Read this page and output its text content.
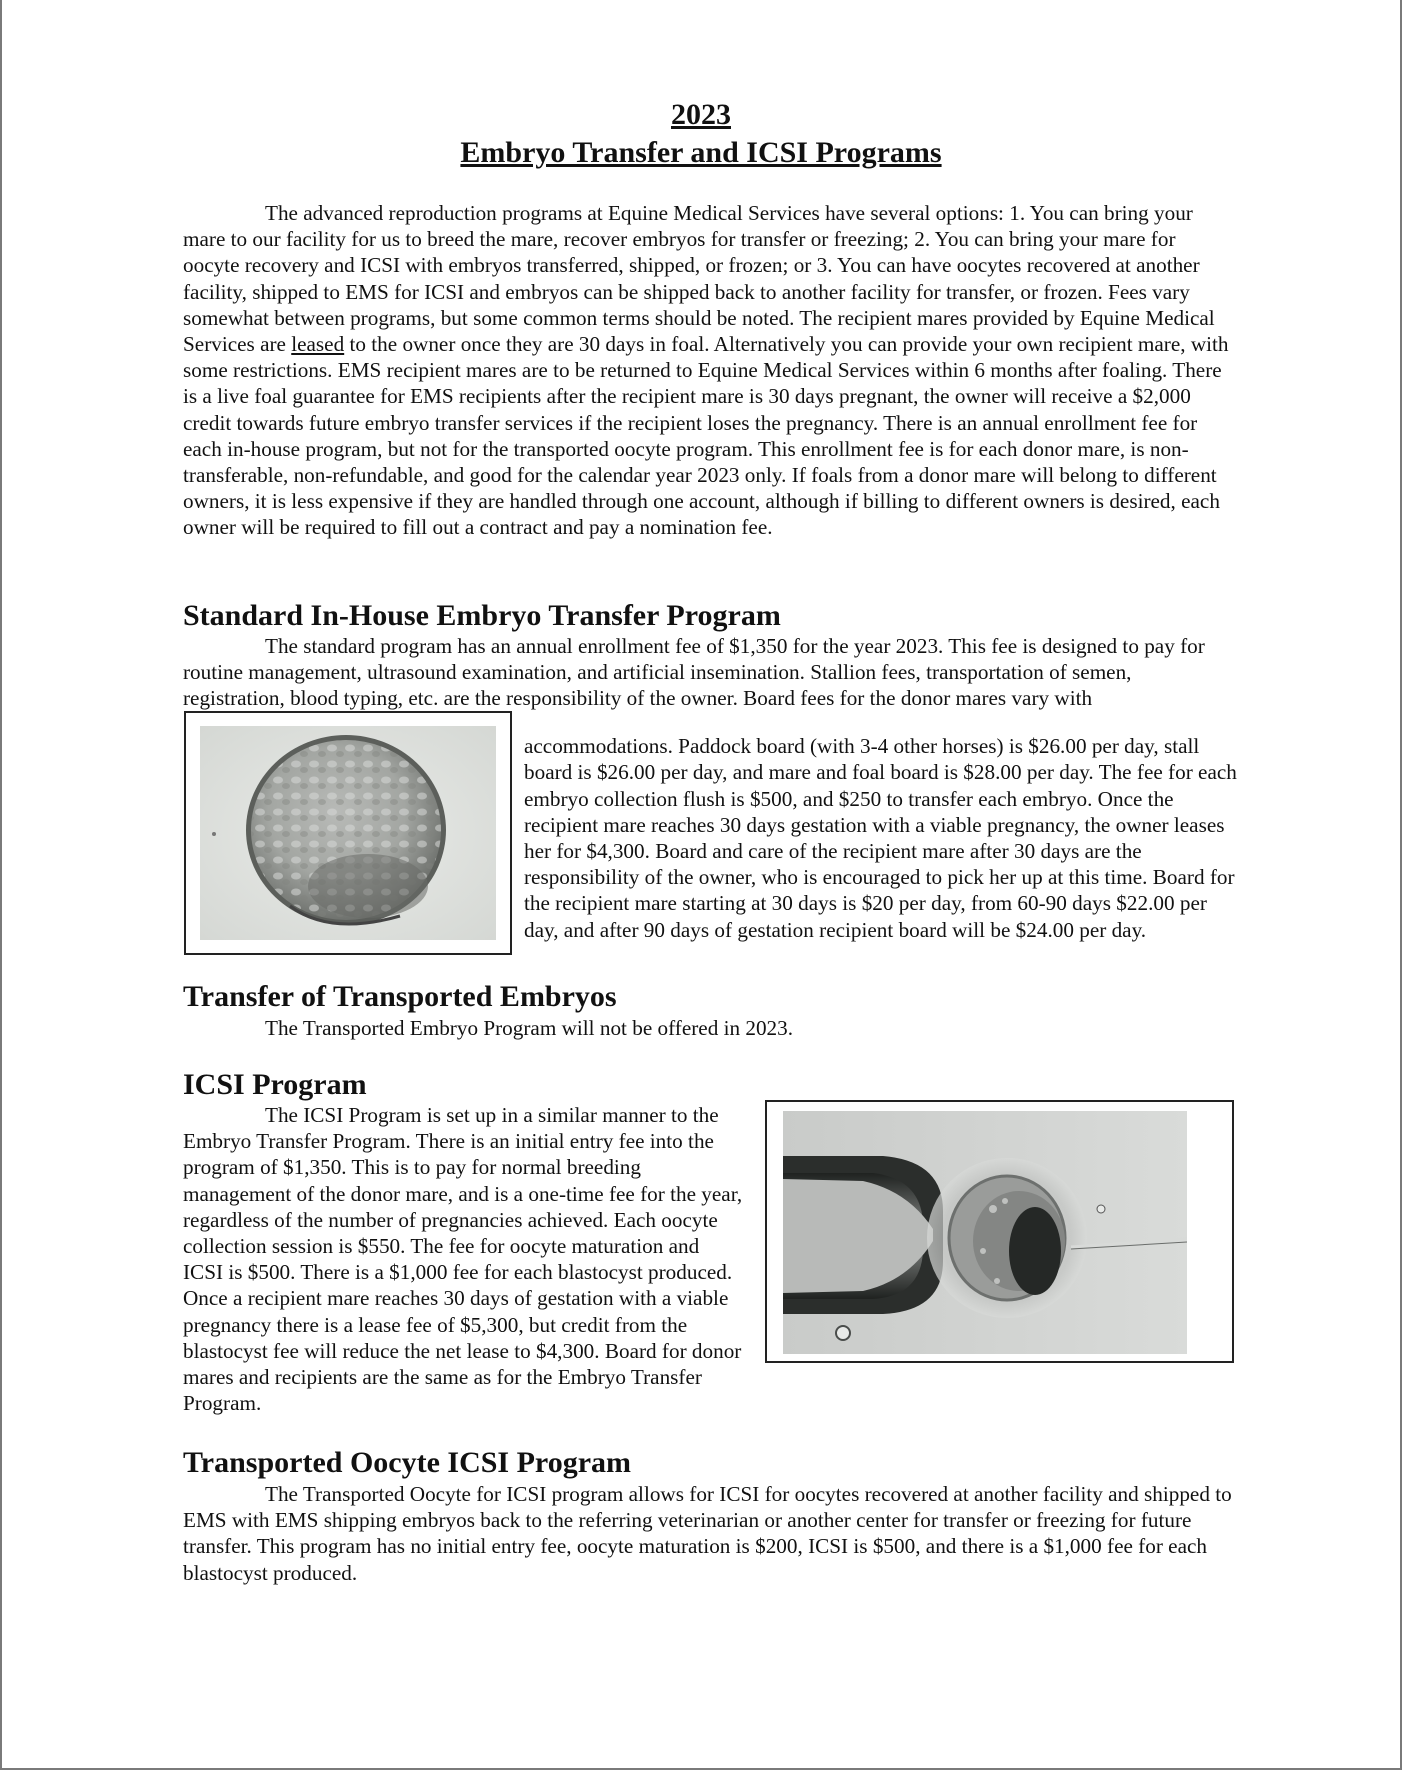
2023
Embryo Transfer and ICSI Programs

The advanced reproduction programs at Equine Medical Services have several options: 1. You can bring your mare to our facility for us to breed the mare, recover embryos for transfer or freezing; 2. You can bring your mare for oocyte recovery and ICSI with embryos transferred, shipped, or frozen; or 3. You can have oocytes recovered at another facility, shipped to EMS for ICSI and embryos can be shipped back to another facility for transfer, or frozen. Fees vary somewhat between programs, but some common terms should be noted. The recipient mares provided by Equine Medical Services are leased to the owner once they are 30 days in foal. Alternatively you can provide your own recipient mare, with some restrictions. EMS recipient mares are to be returned to Equine Medical Services within 6 months after foaling. There is a live foal guarantee for EMS recipients after the recipient mare is 30 days pregnant, the owner will receive a $2,000 credit towards future embryo transfer services if the recipient loses the pregnancy. There is an annual enrollment fee for each in-house program, but not for the transported oocyte program. This enrollment fee is for each donor mare, is non-transferable, non-refundable, and good for the calendar year 2023 only. If foals from a donor mare will belong to different owners, it is less expensive if they are handled through one account, although if billing to different owners is desired, each owner will be required to fill out a contract and pay a nomination fee.

Standard In-House Embryo Transfer Program

The standard program has an annual enrollment fee of $1,350 for the year 2023. This fee is designed to pay for routine management, ultrasound examination, and artificial insemination. Stallion fees, transportation of semen, registration, blood typing, etc. are the responsibility of the owner. Board fees for the donor mares vary with

accommodations. Paddock board (with 3-4 other horses) is $26.00 per day, stall board is $26.00 per day, and mare and foal board is $28.00 per day. The fee for each embryo collection flush is $500, and $250 to transfer each embryo. Once the recipient mare reaches 30 days gestation with a viable pregnancy, the owner leases her for $4,300. Board and care of the recipient mare after 30 days are the responsibility of the owner, who is encouraged to pick her up at this time. Board for the recipient mare starting at 30 days is $20 per day, from 60-90 days $22.00 per day, and after 90 days of gestation recipient board will be $24.00 per day.

Transfer of Transported Embryos

The Transported Embryo Program will not be offered in 2023.

ICSI Program

The ICSI Program is set up in a similar manner to the Embryo Transfer Program. There is an initial entry fee into the program of $1,350. This is to pay for normal breeding management of the donor mare, and is a one-time fee for the year, regardless of the number of pregnancies achieved. Each oocyte collection session is $550. The fee for oocyte maturation and ICSI is $500. There is a $1,000 fee for each blastocyst produced. Once a recipient mare reaches 30 days of gestation with a viable pregnancy there is a lease fee of $5,300, but credit from the blastocyst fee will reduce the net lease to $4,300. Board for donor mares and recipients are the same as for the Embryo Transfer Program.

Transported Oocyte ICSI Program

The Transported Oocyte for ICSI program allows for ICSI for oocytes recovered at another facility and shipped to EMS with EMS shipping embryos back to the referring veterinarian or another center for transfer or freezing for future transfer. This program has no initial entry fee, oocyte maturation is $200, ICSI is $500, and there is a $1,000 fee for each blastocyst produced.
